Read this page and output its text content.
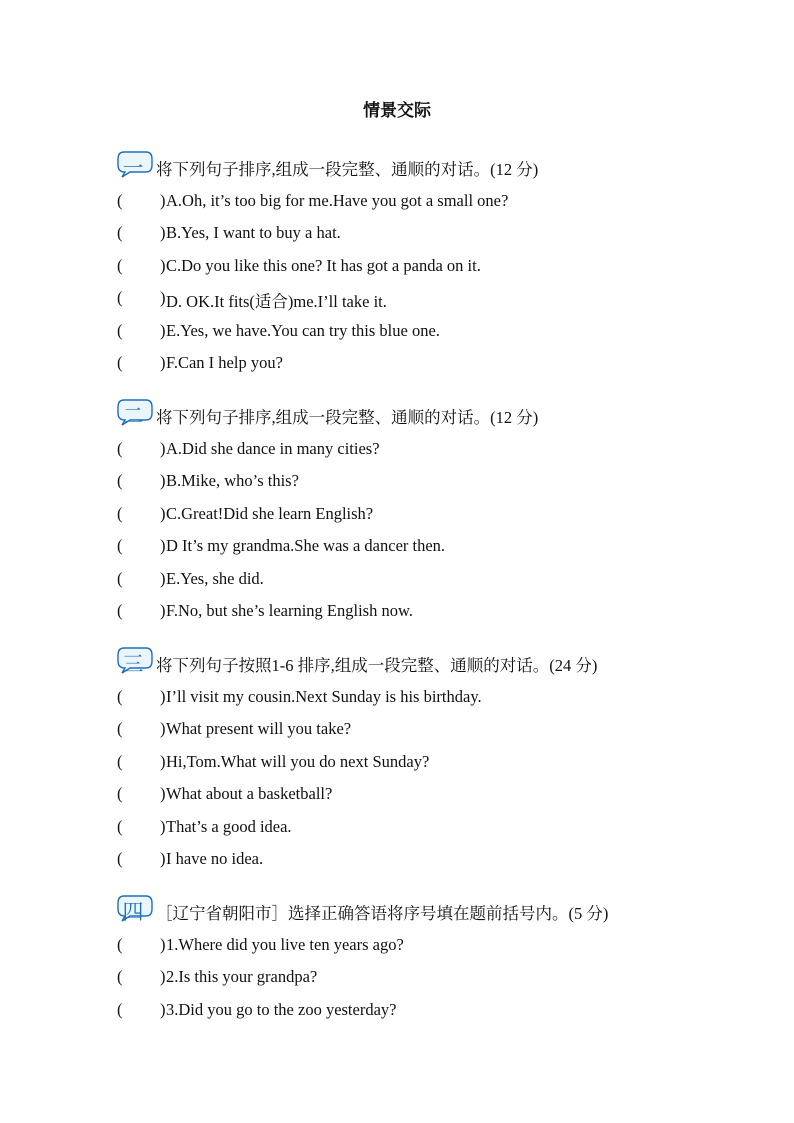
情景交际
一 将下列句子排序,组成一段完整、通顺的对话。(12 分)
( ) A.Oh, it’s too big for me.Have you got a small one?
( ) B.Yes, I want to buy a hat.
( ) C.Do you like this one? It has got a panda on it.
( ) D. OK.It fits(适合)me.I’ll take it.
( ) E.Yes, we have.You can try this blue one.
( ) F.Can I help you?
二 将下列句子排序,组成一段完整、通顺的对话。(12 分)
( ) A.Did she dance in many cities?
( ) B.Mike, who’s this?
( ) C.Great!Did she learn English?
( ) D It’s my grandma.She was a dancer then.
( ) E.Yes, she did.
( ) F.No, but she’s learning English now.
三 将下列句子按照1-6 排序,组成一段完整、通顺的对话。(24 分)
( ) I’ll visit my cousin.Next Sunday is his birthday.
( ) What present will you take?
( ) Hi,Tom.What will you do next Sunday?
( ) What about a basketball?
( ) That’s a good idea.
( ) I have no idea.
四 ［辽宁省朝阳市］选择正确答语将序号填在题前括号内。(5 分)
( ) 1.Where did you live ten years ago?
( ) 2.Is this your grandpa?
( ) 3.Did you go to the zoo yesterday?
